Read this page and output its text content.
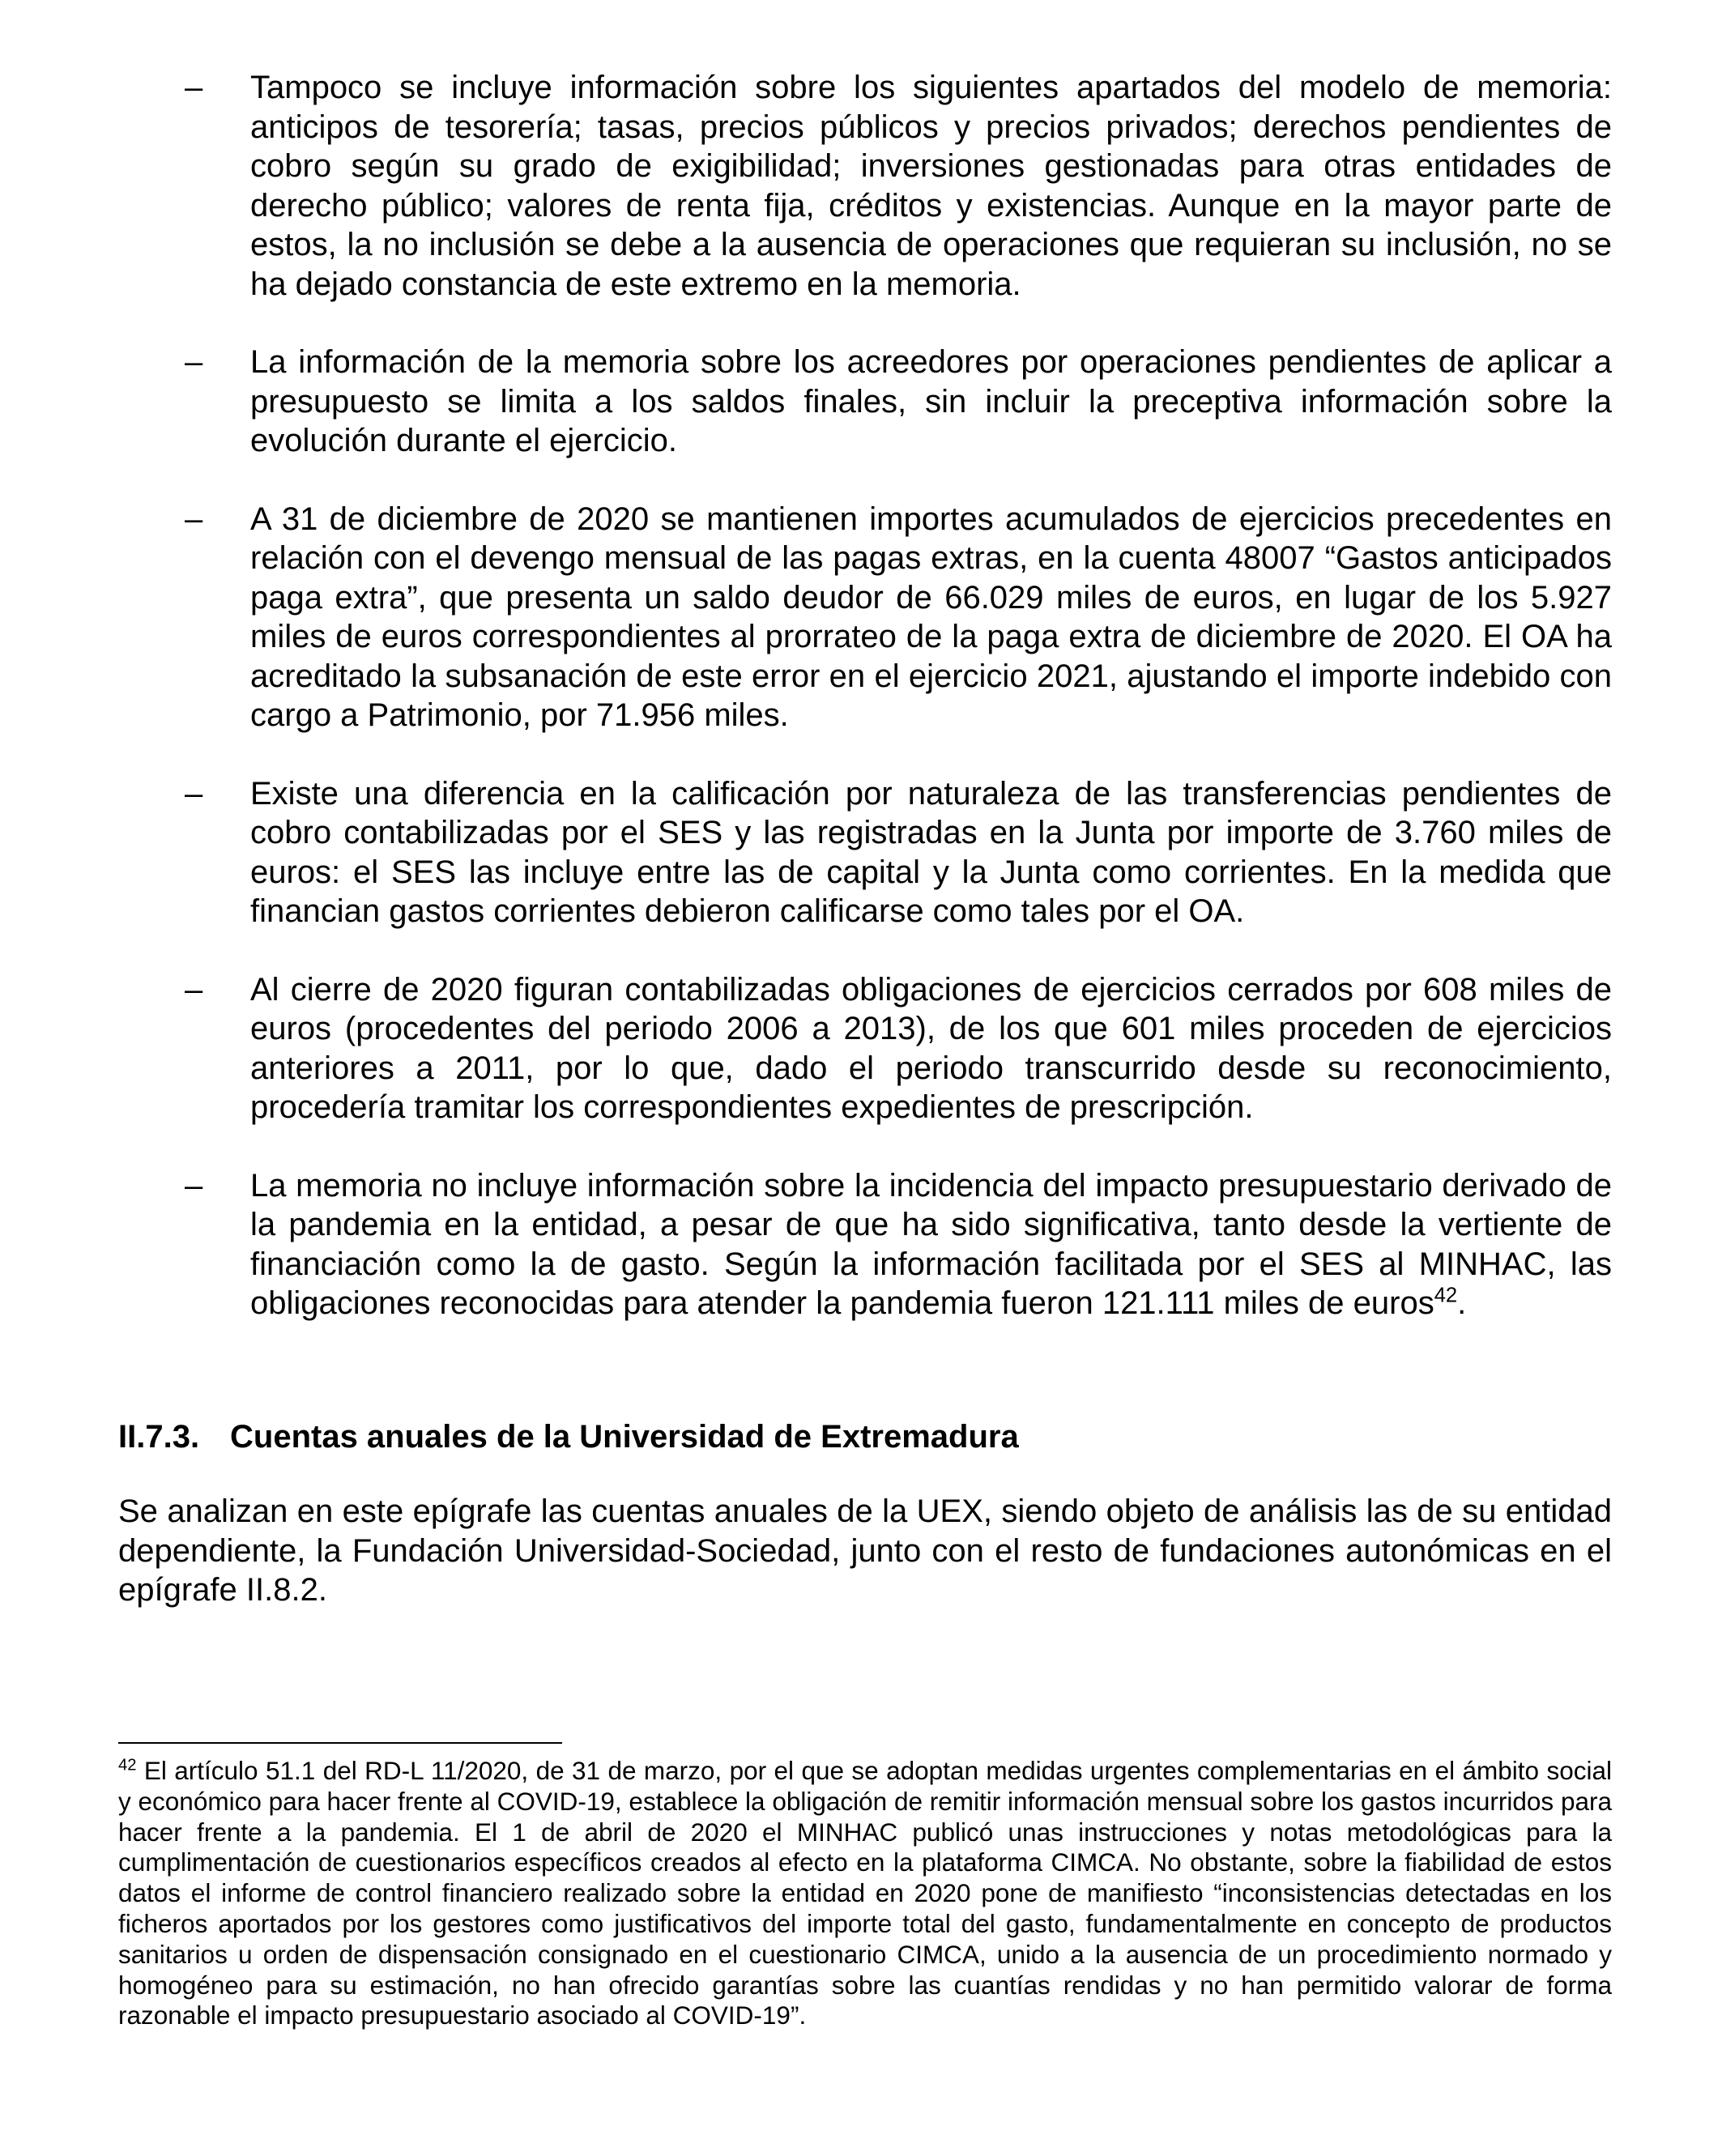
– Tampoco se incluye información sobre los siguientes apartados del modelo de memoria: anticipos de tesorería; tasas, precios públicos y precios privados; derechos pendientes de cobro según su grado de exigibilidad; inversiones gestionadas para otras entidades de derecho público; valores de renta fija, créditos y existencias. Aunque en la mayor parte de estos, la no inclusión se debe a la ausencia de operaciones que requieran su inclusión, no se ha dejado constancia de este extremo en la memoria.
– La información de la memoria sobre los acreedores por operaciones pendientes de aplicar a presupuesto se limita a los saldos finales, sin incluir la preceptiva información sobre la evolución durante el ejercicio.
– A 31 de diciembre de 2020 se mantienen importes acumulados de ejercicios precedentes en relación con el devengo mensual de las pagas extras, en la cuenta 48007 “Gastos anticipados paga extra”, que presenta un saldo deudor de 66.029 miles de euros, en lugar de los 5.927 miles de euros correspondientes al prorrateo de la paga extra de diciembre de 2020. El OA ha acreditado la subsanación de este error en el ejercicio 2021, ajustando el importe indebido con cargo a Patrimonio, por 71.956 miles.
– Existe una diferencia en la calificación por naturaleza de las transferencias pendientes de cobro contabilizadas por el SES y las registradas en la Junta por importe de 3.760 miles de euros: el SES las incluye entre las de capital y la Junta como corrientes. En la medida que financian gastos corrientes debieron calificarse como tales por el OA.
– Al cierre de 2020 figuran contabilizadas obligaciones de ejercicios cerrados por 608 miles de euros (procedentes del periodo 2006 a 2013), de los que 601 miles proceden de ejercicios anteriores a 2011, por lo que, dado el periodo transcurrido desde su reconocimiento, procedería tramitar los correspondientes expedientes de prescripción.
– La memoria no incluye información sobre la incidencia del impacto presupuestario derivado de la pandemia en la entidad, a pesar de que ha sido significativa, tanto desde la vertiente de financiación como la de gasto. Según la información facilitada por el SES al MINHAC, las obligaciones reconocidas para atender la pandemia fueron 121.111 miles de euros$^{42}$.
II.7.3. Cuentas anuales de la Universidad de Extremadura
Se analizan en este epígrafe las cuentas anuales de la UEX, siendo objeto de análisis las de su entidad dependiente, la Fundación Universidad-Sociedad, junto con el resto de fundaciones autonómicas en el epígrafe II.8.2.
$^{42}$ El artículo 51.1 del RD-L 11/2020, de 31 de marzo, por el que se adoptan medidas urgentes complementarias en el ámbito social y económico para hacer frente al COVID-19, establece la obligación de remitir información mensual sobre los gastos incurridos para hacer frente a la pandemia. El 1 de abril de 2020 el MINHAC publicó unas instrucciones y notas metodológicas para la cumplimentación de cuestionarios específicos creados al efecto en la plataforma CIMCA. No obstante, sobre la fiabilidad de estos datos el informe de control financiero realizado sobre la entidad en 2020 pone de manifiesto “inconsistencias detectadas en los ficheros aportados por los gestores como justificativos del importe total del gasto, fundamentalmente en concepto de productos sanitarios u orden de dispensación consignado en el cuestionario CIMCA, unido a la ausencia de un procedimiento normado y homogéneo para su estimación, no han ofrecido garantías sobre las cuantías rendidas y no han permitido valorar de forma razonable el impacto presupuestario asociado al COVID-19”.
